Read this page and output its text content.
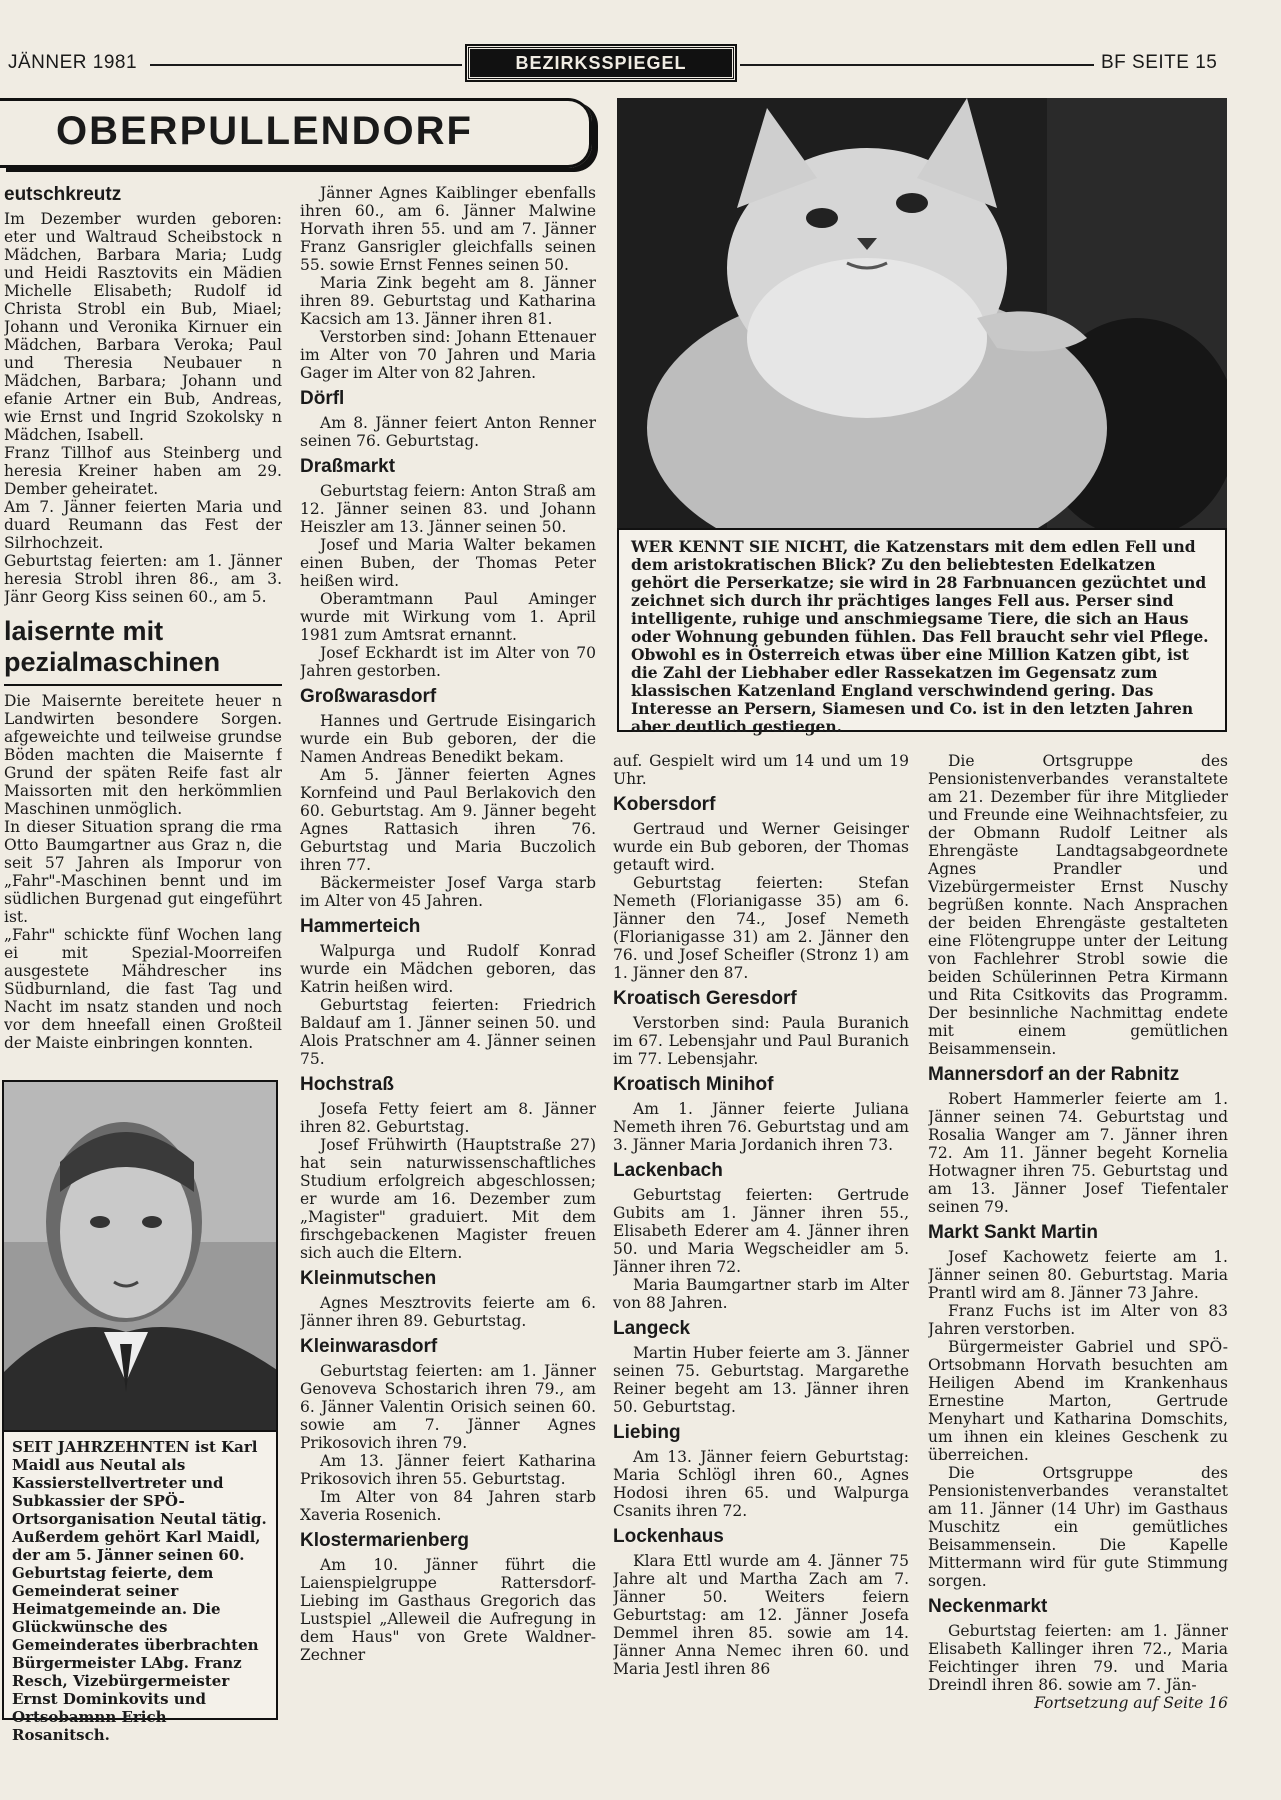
JÄNNER 1981	BEZIRKSSPIEGEL	BF SEITE 15
OBERPULLENDORF
eutschkreutz

Im Dezember wurden geboren: eter und Waltraud Scheibstock n Mädchen, Barbara Maria; Ludg und Heidi Rasztovits ein Mädien Michelle Elisabeth; Rudolf id Christa Strobl ein Bub, Miael; Johann und Veronika Kirnuer ein Mädchen, Barbara Veroka; Paul und Theresia Neubauer n Mädchen, Barbara; Johann und efanie Artner ein Bub, Andreas, wie Ernst und Ingrid Szokolsky n Mädchen, Isabell.

Franz Tillhof aus Steinberg und heresia Kreiner haben am 29. Dember geheiratet.

Am 7. Jänner feierten Maria und duard Reumann das Fest der Silrhochzeit.

Geburtstag feierten: am 1. Jänner heresia Strobl ihren 86., am 3. Jänr Georg Kiss seinen 60., am 5.

laisernte mit
pezialmaschinen

Die Maisernte bereitete heuer n Landwirten besondere Sorgen. afgeweichte und teilweise grundse Böden machten die Maisernte f Grund der späten Reife fast alr Maissorten mit den herkömmlien Maschinen unmöglich.

In dieser Situation sprang die rma Otto Baumgartner aus Graz n, die seit 57 Jahren als Imporur von „Fahr"-Maschinen bennt und im südlichen Burgenad gut eingeführt ist.

„Fahr" schickte fünf Wochen lang ei mit Spezial-Moorreifen ausgestete Mähdrescher ins Südburnland, die fast Tag und Nacht im nsatz standen und noch vor dem hneefall einen Großteil der Maiste einbringen konnten.

SEIT JAHRZEHNTEN ist Karl Maidl aus Neutal als Kassierstellvertreter und Subkassier der SPÖ-Ortsorganisation Neutal tätig. Außerdem gehört Karl Maidl, der am 5. Jänner seinen 60. Geburtstag feierte, dem Gemeinderat seiner Heimatgemeinde an. Die Glückwünsche des Gemeinderates überbrachten Bürgermeister LAbg. Franz Resch, Vizebürgermeister Ernst Dominkovits und Ortsobamnn Erich Rosanitsch.

Jänner Agnes Kaiblinger ebenfalls ihren 60., am 6. Jänner Malwine Horvath ihren 55. und am 7. Jänner Franz Gansrigler gleichfalls seinen 55. sowie Ernst Fennes seinen 50.

Maria Zink begeht am 8. Jänner ihren 89. Geburtstag und Katharina Kacsich am 13. Jänner ihren 81.

Verstorben sind: Johann Ettenauer im Alter von 70 Jahren und Maria Gager im Alter von 82 Jahren.

Dörfl

Am 8. Jänner feiert Anton Renner seinen 76. Geburtstag.

Draßmarkt

Geburtstag feiern: Anton Straß am 12. Jänner seinen 83. und Johann Heiszler am 13. Jänner seinen 50.

Josef und Maria Walter bekamen einen Buben, der Thomas Peter heißen wird.

Oberamtmann Paul Aminger wurde mit Wirkung vom 1. April 1981 zum Amtsrat ernannt.

Josef Eckhardt ist im Alter von 70 Jahren gestorben.

Großwarasdorf

Hannes und Gertrude Eisingarich wurde ein Bub geboren, der die Namen Andreas Benedikt bekam.

Am 5. Jänner feierten Agnes Kornfeind und Paul Berlakovich den 60. Geburtstag. Am 9. Jänner begeht Agnes Rattasich ihren 76. Geburtstag und Maria Buczolich ihren 77.

Bäckermeister Josef Varga starb im Alter von 45 Jahren.

Hammerteich

Walpurga und Rudolf Konrad wurde ein Mädchen geboren, das Katrin heißen wird.

Geburtstag feierten: Friedrich Baldauf am 1. Jänner seinen 50. und Alois Pratschner am 4. Jänner seinen 75.

Hochstraß

Josefa Fetty feiert am 8. Jänner ihren 82. Geburtstag.

Josef Frühwirth (Hauptstraße 27) hat sein naturwissenschaftliches Studium erfolgreich abgeschlossen; er wurde am 16. Dezember zum „Magister" graduiert. Mit dem firschgebackenen Magister freuen sich auch die Eltern.

Kleinmutschen

Agnes Mesztrovits feierte am 6. Jänner ihren 89. Geburtstag.

Kleinwarasdorf

Geburtstag feierten: am 1. Jänner Genoveva Schostarich ihren 79., am 6. Jänner Valentin Orisich seinen 60. sowie am 7. Jänner Agnes Prikosovich ihren 79.

Am 13. Jänner feiert Katharina Prikosovich ihren 55. Geburtstag.

Im Alter von 84 Jahren starb Xaveria Rosenich.

Klostermarienberg

Am 10. Jänner führt die Laienspielgruppe Rattersdorf-Liebing im Gasthaus Gregorich das Lustspiel „Alleweil die Aufregung in dem Haus" von Grete Waldner-Zechner

WER KENNT SIE NICHT, die Katzenstars mit dem edlen Fell und dem aristokratischen Blick? Zu den beliebtesten Edelkatzen gehört die Perserkatze; sie wird in 28 Farbnuancen gezüchtet und zeichnet sich durch ihr prächtiges langes Fell aus. Perser sind intelligente, ruhige und anschmiegsame Tiere, die sich an Haus oder Wohnung gebunden fühlen. Das Fell braucht sehr viel Pflege. Obwohl es in Österreich etwas über eine Million Katzen gibt, ist die Zahl der Liebhaber edler Rassekatzen im Gegensatz zum klassischen Katzenland England verschwindend gering. Das Interesse an Persern, Siamesen und Co. ist in den letzten Jahren aber deutlich gestiegen.

auf. Gespielt wird um 14 und um 19 Uhr.

Kobersdorf

Gertraud und Werner Geisinger wurde ein Bub geboren, der Thomas getauft wird.

Geburtstag feierten: Stefan Nemeth (Florianigasse 35) am 6. Jänner den 74., Josef Nemeth (Florianigasse 31) am 2. Jänner den 76. und Josef Scheifler (Stronz 1) am 1. Jänner den 87.

Kroatisch Geresdorf

Verstorben sind: Paula Buranich im 67. Lebensjahr und Paul Buranich im 77. Lebensjahr.

Kroatisch Minihof

Am 1. Jänner feierte Juliana Nemeth ihren 76. Geburtstag und am 3. Jänner Maria Jordanich ihren 73.

Lackenbach

Geburtstag feierten: Gertrude Gubits am 1. Jänner ihren 55., Elisabeth Ederer am 4. Jänner ihren 50. und Maria Wegscheidler am 5. Jänner ihren 72.

Maria Baumgartner starb im Alter von 88 Jahren.

Langeck

Martin Huber feierte am 3. Jänner seinen 75. Geburtstag. Margarethe Reiner begeht am 13. Jänner ihren 50. Geburtstag.

Liebing

Am 13. Jänner feiern Geburtstag: Maria Schlögl ihren 60., Agnes Hodosi ihren 65. und Walpurga Csanits ihren 72.

Lockenhaus

Klara Ettl wurde am 4. Jänner 75 Jahre alt und Martha Zach am 7. Jänner 50. Weiters feiern Geburtstag: am 12. Jänner Josefa Demmel ihren 85. sowie am 14. Jänner Anna Nemec ihren 60. und Maria Jestl ihren 86

Die Ortsgruppe des Pensionistenverbandes veranstaltete am 21. Dezember für ihre Mitglieder und Freunde eine Weihnachtsfeier, zu der Obmann Rudolf Leitner als Ehrengäste Landtagsabgeordnete Agnes Prandler und Vizebürgermeister Ernst Nuschy begrüßen konnte. Nach Ansprachen der beiden Ehrengäste gestalteten eine Flötengruppe unter der Leitung von Fachlehrer Strobl sowie die beiden Schülerinnen Petra Kirmann und Rita Csitkovits das Programm. Der besinnliche Nachmittag endete mit einem gemütlichen Beisammensein.

Mannersdorf an der Rabnitz

Robert Hammerler feierte am 1. Jänner seinen 74. Geburtstag und Rosalia Wanger am 7. Jänner ihren 72. Am 11. Jänner begeht Kornelia Hotwagner ihren 75. Geburtstag und am 13. Jänner Josef Tiefentaler seinen 79.

Markt Sankt Martin

Josef Kachowetz feierte am 1. Jänner seinen 80. Geburtstag. Maria Prantl wird am 8. Jänner 73 Jahre.

Franz Fuchs ist im Alter von 83 Jahren verstorben.

Bürgermeister Gabriel und SPÖ-Ortsobmann Horvath besuchten am Heiligen Abend im Krankenhaus Ernestine Marton, Gertrude Menyhart und Katharina Domschits, um ihnen ein kleines Geschenk zu überreichen.

Die Ortsgruppe des Pensionistenverbandes veranstaltet am 11. Jänner (14 Uhr) im Gasthaus Muschitz ein gemütliches Beisammensein. Die Kapelle Mittermann wird für gute Stimmung sorgen.

Neckenmarkt

Geburtstag feierten: am 1. Jänner Elisabeth Kallinger ihren 72., Maria Feichtinger ihren 79. und Maria Dreindl ihren 86. sowie am 7. Jän-

Fortsetzung auf Seite 16
